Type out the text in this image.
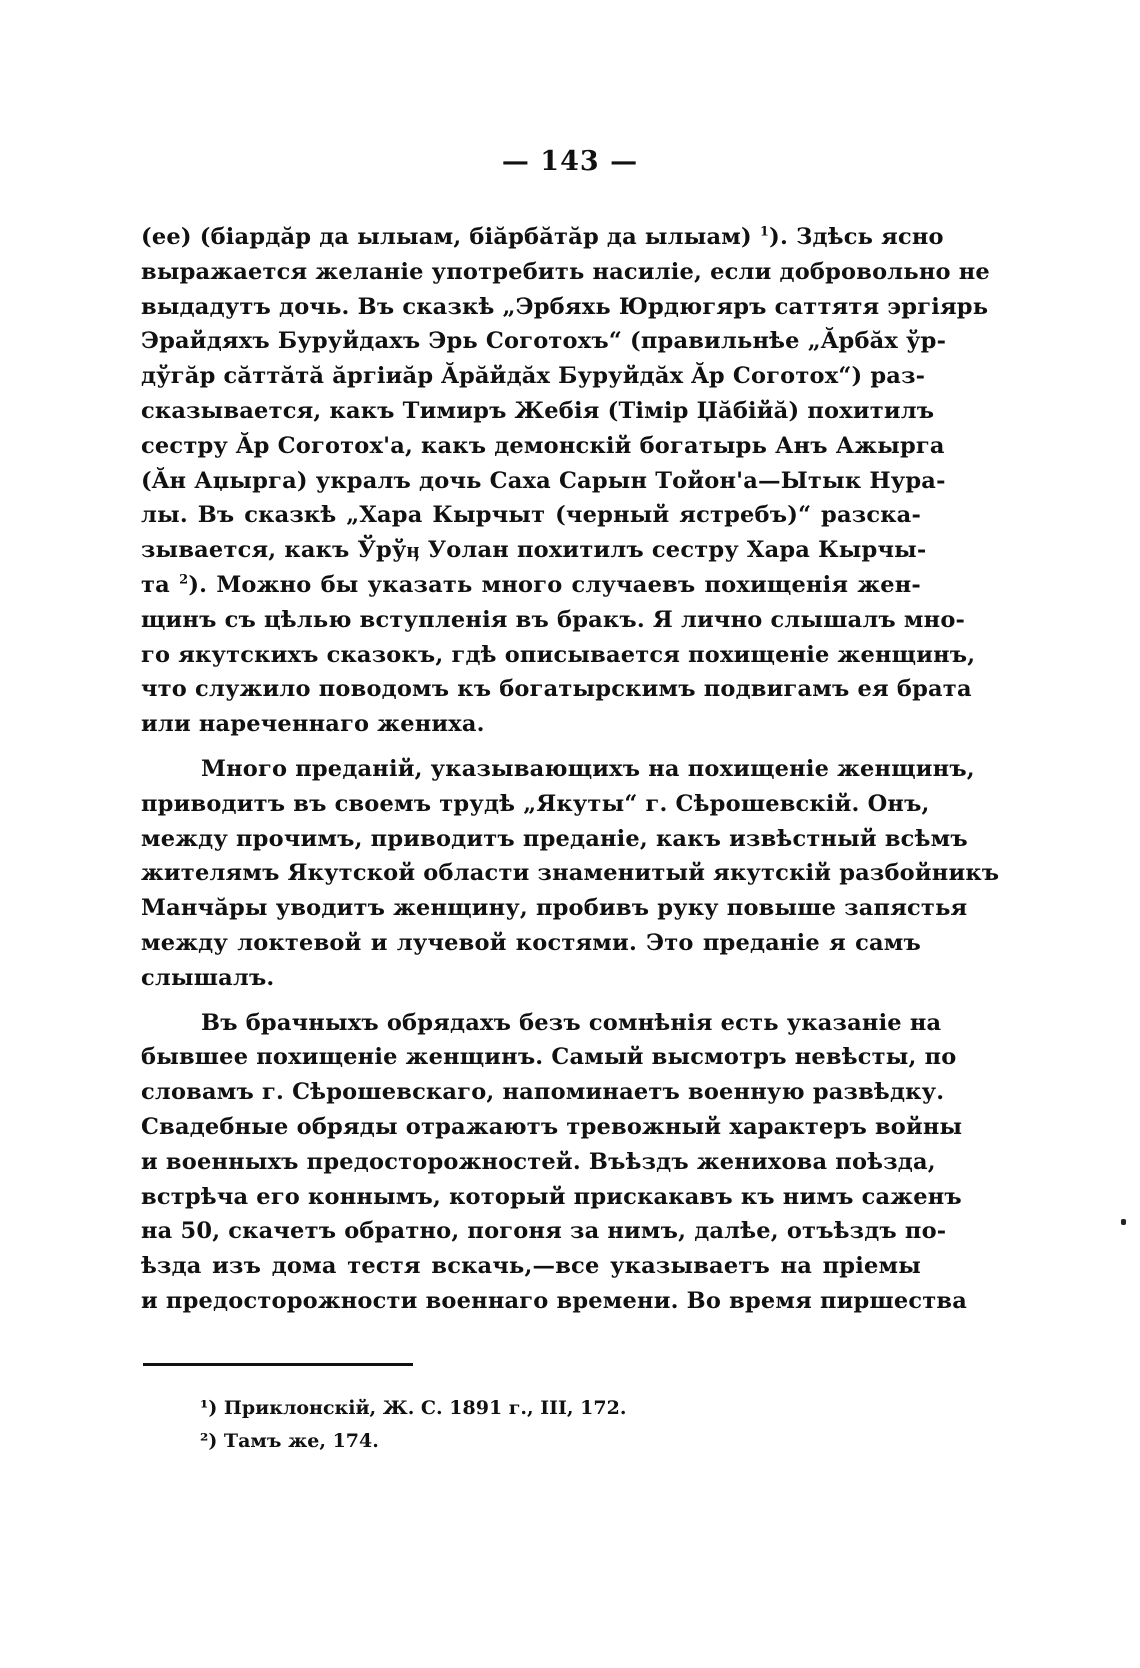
— 143 —

(ee) (біардăр да ылыам, біăрбăтăр да ылыам) $^1$). Здѣсь ясно
выражается желаніе употребить насиліе, если добровольно не
выдадутъ дочь. Въ сказкѣ „Эрбяхь Юрдюгяръ саттятя эргіярь
Эрайдяхъ Буруйдахъ Эрь Соготохъ“ (правильнѣе „Ăрбăх ўр-
дўгăр сăттăтă ăргіиăр Ăрăйдăх Буруйдăх Ăр Соготох“) раз-
сказывается, какъ Тимиръ Жебія (Тімір Џăбійă) похитилъ
сестру Ăр Соготох'а, какъ демонскій богатырь Анъ Ажырга
(Ăн Аџырга) укралъ дочь Саха Сарын Тойон'а—Ытык Нура-
лы. Въ сказкѣ „Хара Кырчыт (черный ястребъ)“ разска-
зывается, какъ Ўрўӊ Уолан похитилъ сестру Хара Кырчы-
та $^2$). Можно бы указать много случаевъ похищенія жен-
щинъ съ цѣлью вступленія въ бракъ. Я лично слышалъ мно-
го якутскихъ сказокъ, гдѣ описывается похищеніе женщинъ,
что служило поводомъ къ богатырскимъ подвигамъ ея брата
или нареченнаго жениха.

Много преданій, указывающихъ на похищеніе женщинъ,
приводитъ въ своемъ трудѣ „Якуты“ г. Сѣрошевскій. Онъ,
между прочимъ, приводитъ преданіе, какъ извѣстный всѣмъ
жителямъ Якутской области знаменитый якутскій разбойникъ
Манчăры уводитъ женщину, пробивъ руку повыше запястья
между локтевой и лучевой костями. Это преданіе я самъ
слышалъ.

Въ брачныхъ обрядахъ безъ сомнѣнія есть указаніе на
бывшее похищеніе женщинъ. Самый высмотръ невѣсты, по
словамъ г. Сѣрошевскаго, напоминаетъ военную развѣдку.
Свадебные обряды отражаютъ тревожный характеръ войны
и военныхъ предосторожностей. Въѣздъ женихова поѣзда,
встрѣча его коннымъ, который прискакавъ къ нимъ саженъ
на 50, скачетъ обратно, погоня за нимъ, далѣе, отъѣздъ по-
ѣзда изъ дома тестя вскачь,—все указываетъ на пріемы
и предосторожности военнаго времени. Во время пиршества

¹) Приклонскій, Ж. С. 1891 г., III, 172.
²) Тамъ же, 174.
